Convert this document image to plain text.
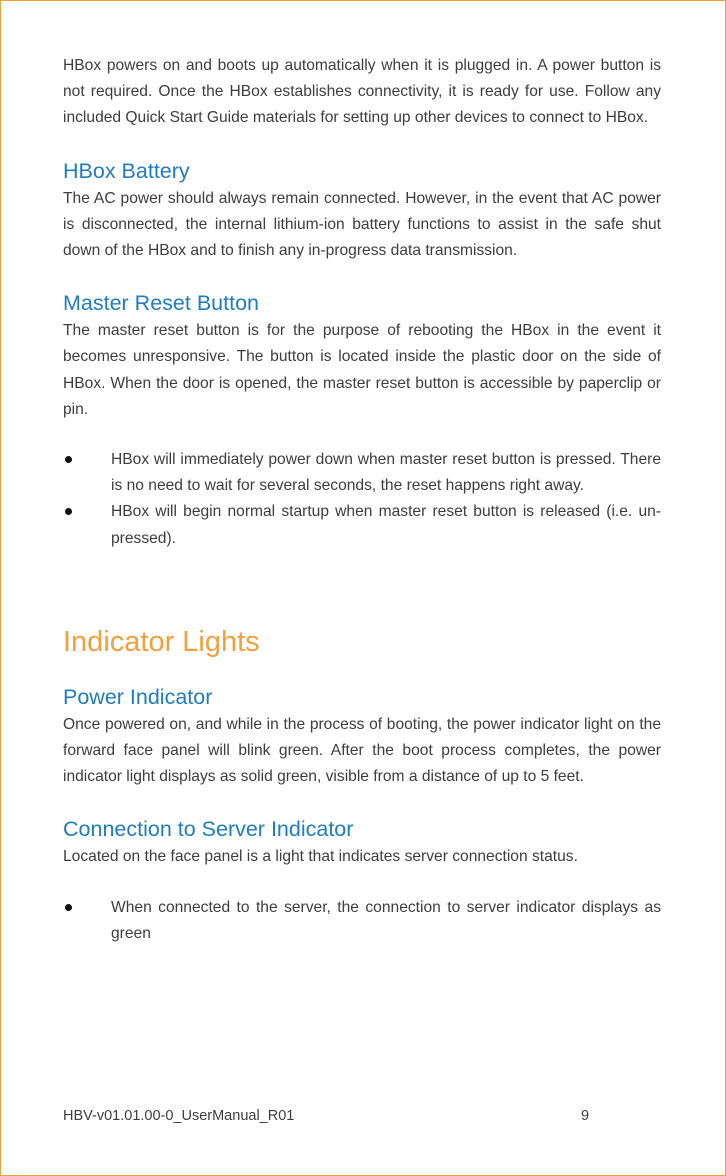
HBox powers on and boots up automatically when it is plugged in. A power button is not required. Once the HBox establishes connectivity, it is ready for use. Follow any included Quick Start Guide materials for setting up other devices to connect to HBox.

HBox Battery

The AC power should always remain connected. However, in the event that AC power is disconnected, the internal lithium-ion battery functions to assist in the safe shut down of the HBox and to finish any in-progress data transmission.

Master Reset Button

The master reset button is for the purpose of rebooting the HBox in the event it becomes unresponsive. The button is located inside the plastic door on the side of HBox. When the door is opened, the master reset button is accessible by paperclip or pin.

HBox will immediately power down when master reset button is pressed. There is no need to wait for several seconds, the reset happens right away.
HBox will begin normal startup when master reset button is released (i.e. un-pressed).
Indicator Lights
Power Indicator

Once powered on, and while in the process of booting, the power indicator light on the forward face panel will blink green. After the boot process completes, the power indicator light displays as solid green, visible from a distance of up to 5 feet.

Connection to Server Indicator

Located on the face panel is a light that indicates server connection status.

When connected to the server, the connection to server indicator displays as green
HBV-v01.01.00-0_UserManual_R01	9
